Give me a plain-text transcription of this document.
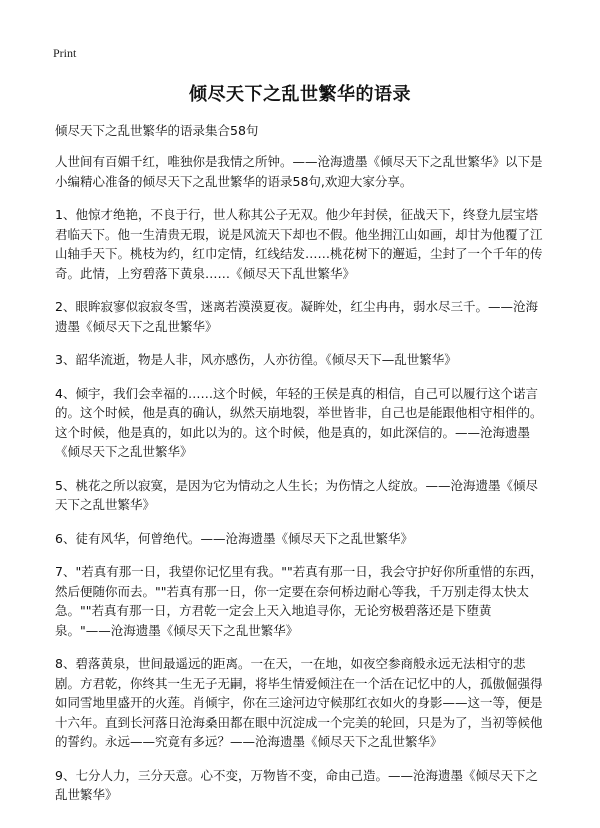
Print
倾尽天下之乱世繁华的语录
倾尽天下之乱世繁华的语录集合58句

人世间有百媚千红，唯独你是我情之所钟。——沧海遗墨《倾尽天下之乱世繁华》以下是小编精心准备的倾尽天下之乱世繁华的语录58句,欢迎大家分享。

1、他惊才绝艳，不良于行，世人称其公子无双。他少年封侯，征战天下，终登九层宝塔君临天下。他一生清贵无瑕，说是风流天下却也不假。他坐拥江山如画，却甘为他覆了江山轴手天下。桃枝为约，红巾定情，红线结发……桃花树下的邂逅，尘封了一个千年的传奇。此情，上穷碧落下黄泉……《倾尽天下乱世繁华》

2、眼眸寂寥似寂寂冬雪，迷离若漠漠夏夜。凝眸处，红尘冉冉，弱水尽三千。——沧海遗墨《倾尽天下之乱世繁华》

3、韶华流逝，物是人非，风亦感伤，人亦彷徨。《倾尽天下—乱世繁华》

4、倾宇，我们会幸福的……这个时候，年轻的王侯是真的相信，自己可以履行这个诺言的。这个时候，他是真的确认，纵然天崩地裂，举世皆非，自己也是能跟他相守相伴的。这个时候，他是真的，如此以为的。这个时候，他是真的，如此深信的。——沧海遗墨《倾尽天下之乱世繁华》

5、桃花之所以寂寞，是因为它为情动之人生长；为伤情之人绽放。——沧海遗墨《倾尽天下之乱世繁华》

6、徒有风华，何曾绝代。——沧海遗墨《倾尽天下之乱世繁华》

7、"若真有那一日，我望你记忆里有我。""若真有那一日，我会守护好你所重惜的东西，然后便随你而去。""若真有那一日，你一定要在奈何桥边耐心等我，千万别走得太快太急。""若真有那一日，方君乾一定会上天入地追寻你，无论穷极碧落还是下堕黄泉。"——沧海遗墨《倾尽天下之乱世繁华》

8、碧落黄泉，世间最遥远的距离。一在天，一在地，如夜空参商般永远无法相守的悲剧。方君乾，你终其一生无子无嗣，将毕生情爱倾注在一个活在记忆中的人，孤傲倔强得如同雪地里盛开的火莲。肖倾宇，你在三途河边守候那红衣如火的身影——这一等，便是十六年。直到长河落日沧海桑田都在眼中沉淀成一个完美的轮回，只是为了，当初等候他的誓约。永远——究竟有多远？——沧海遗墨《倾尽天下之乱世繁华》

9、七分人力，三分天意。心不变，万物皆不变，命由己造。——沧海遗墨《倾尽天下之乱世繁华》
